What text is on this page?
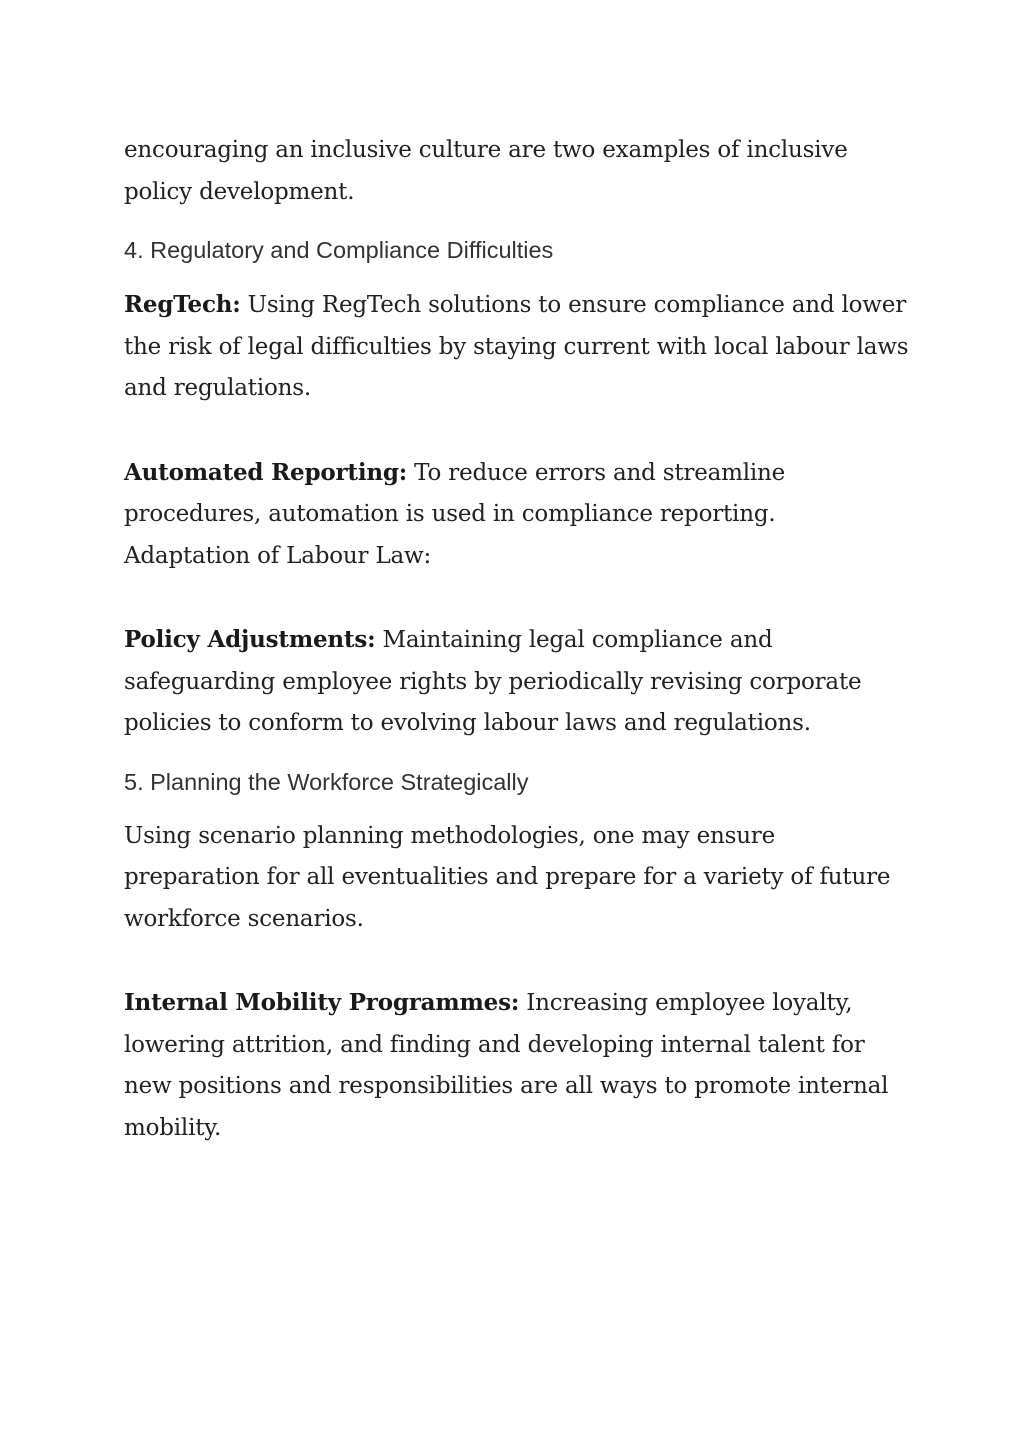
encouraging an inclusive culture are two examples of inclusive policy development.

4. Regulatory and Compliance Difficulties

RegTech: Using RegTech solutions to ensure compliance and lower the risk of legal difficulties by staying current with local labour laws and regulations.

Automated Reporting: To reduce errors and streamline procedures, automation is used in compliance reporting.

Adaptation of Labour Law:

Policy Adjustments: Maintaining legal compliance and safeguarding employee rights by periodically revising corporate policies to conform to evolving labour laws and regulations.

5. Planning the Workforce Strategically

Using scenario planning methodologies, one may ensure preparation for all eventualities and prepare for a variety of future workforce scenarios.

Internal Mobility Programmes: Increasing employee loyalty, lowering attrition, and finding and developing internal talent for new positions and responsibilities are all ways to promote internal mobility.
